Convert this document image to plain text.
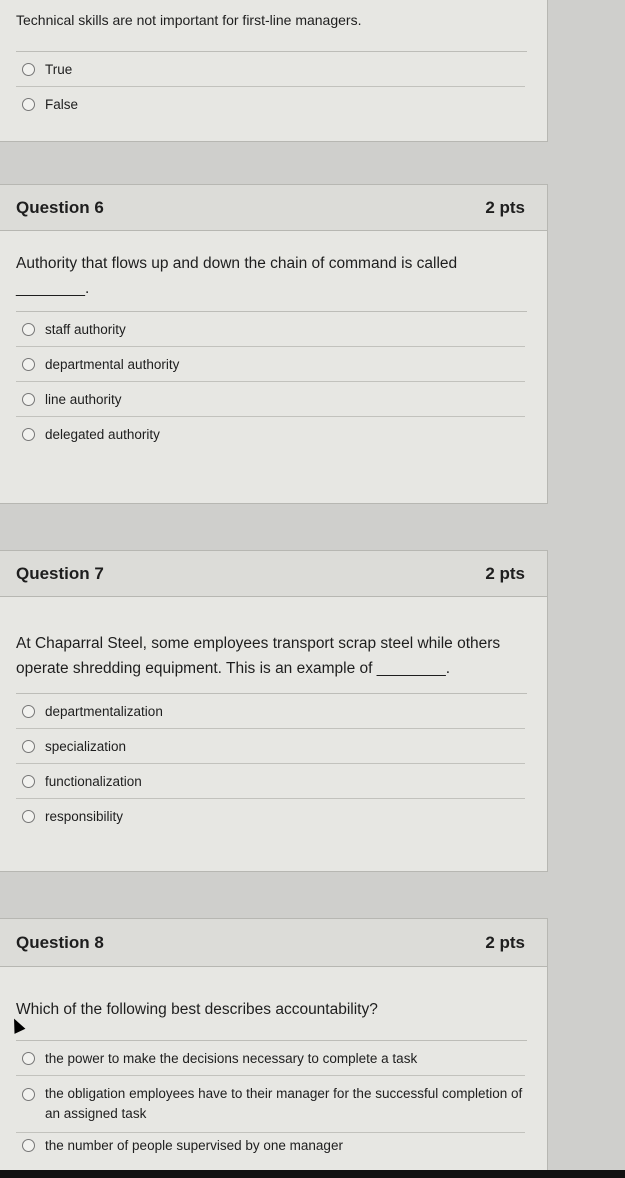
Technical skills are not important for first-line managers.

True
False
Question 6	2 pts

Authority that flows up and down the chain of command is called
________.

staff authority
departmental authority
line authority
delegated authority
Question 7	2 pts

At Chaparral Steel, some employees transport scrap steel while others operate shredding equipment. This is an example of ________.

departmentalization
specialization
functionalization
responsibility
Question 8	2 pts

Which of the following best describes accountability?

the power to make the decisions necessary to complete a task
the obligation employees have to their manager for the successful completion of an assigned task
the number of people supervised by one manager
